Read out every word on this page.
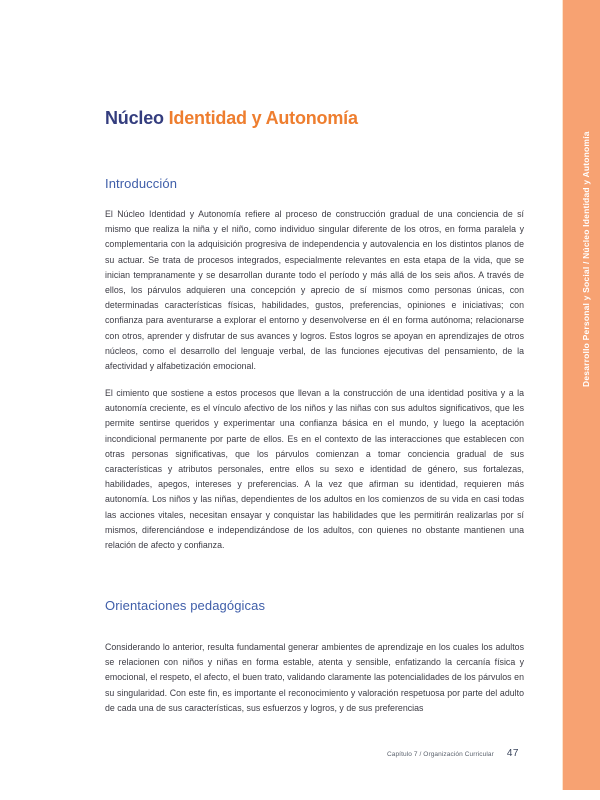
Desarrollo Personal y Social / Núcleo Identidad y Autonomía
Núcleo Identidad y Autonomía
Introducción

El Núcleo Identidad y Autonomía refiere al proceso de construcción gradual de una conciencia de sí mismo que realiza la niña y el niño, como individuo singular diferente de los otros, en forma paralela y complementaria con la adquisición progresiva de independencia y autovalencia en los distintos planos de su actuar. Se trata de procesos integrados, especialmente relevantes en esta etapa de la vida, que se inician tempranamente y se desarrollan durante todo el período y más allá de los seis años. A través de ellos, los párvulos adquieren una concepción y aprecio de sí mismos como personas únicas, con determinadas características físicas, habilidades, gustos, preferencias, opiniones e iniciativas; con confianza para aventurarse a explorar el entorno y desenvolverse en él en forma autónoma; relacionarse con otros, aprender y disfrutar de sus avances y logros. Estos logros se apoyan en aprendizajes de otros núcleos, como el desarrollo del lenguaje verbal, de las funciones ejecutivas del pensamiento, de la afectividad y alfabetización emocional.

El cimiento que sostiene a estos procesos que llevan a la construcción de una identidad positiva y a la autonomía creciente, es el vínculo afectivo de los niños y las niñas con sus adultos significativos, que les permite sentirse queridos y experimentar una confianza básica en el mundo, y luego la aceptación incondicional permanente por parte de ellos. Es en el contexto de las interacciones que establecen con otras personas significativas, que los párvulos comienzan a tomar conciencia gradual de sus características y atributos personales, entre ellos su sexo e identidad de género, sus fortalezas, habilidades, apegos, intereses y preferencias. A la vez que afirman su identidad, requieren más autonomía. Los niños y las niñas, dependientes de los adultos en los comienzos de su vida en casi todas las acciones vitales, necesitan ensayar y conquistar las habilidades que les permitirán realizarlas por sí mismos, diferenciándose e independizándose de los adultos, con quienes no obstante mantienen una relación de afecto y confianza.

Orientaciones pedagógicas

Considerando lo anterior, resulta fundamental generar ambientes de aprendizaje en los cuales los adultos se relacionen con niños y niñas en forma estable, atenta y sensible, enfatizando la cercanía física y emocional, el respeto, el afecto, el buen trato, validando claramente las potencialidades de los párvulos en su singularidad. Con este fin, es importante el reconocimiento y valoración respetuosa por parte del adulto de cada una de sus características, sus esfuerzos y logros, y de sus preferencias

Capítulo 7 / Organización Curricular 47
